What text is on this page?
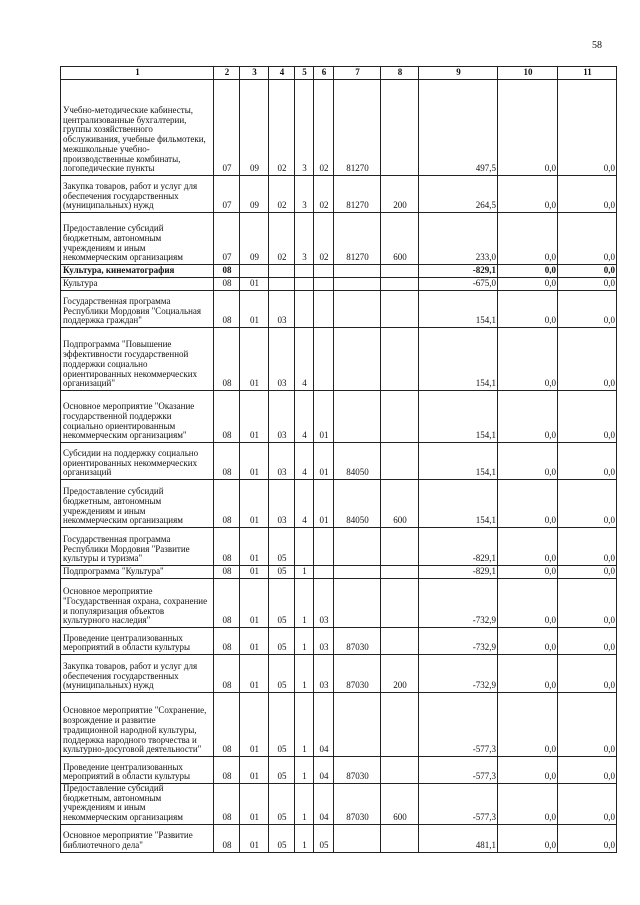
58
1	2	3	4	5	6	7	8	9	10	11
Учебно-методические кабинесты, централизованные бухгалтерии, группы хозяйственного обслуживания, учебные фильмотеки, межшкольные учебно-производственные комбинаты, логопедические пункты	07	09	02	3	02	81270		497,5	0,0	0,0
Закупка товаров, работ и услуг для обеспечения государственных (муниципальных) нужд	07	09	02	3	02	81270	200	264,5	0,0	0,0
Предоставление субсидий бюджетным, автономным учреждениям и иным некоммерческим организациям	07	09	02	3	02	81270	600	233,0	0,0	0,0
Культура, кинематография	08							-829,1	0,0	0,0
Культура	08	01						-675,0	0,0	0,0
Государственная программа Республики Мордовия "Социальная поддержка граждан"	08	01	03					154,1	0,0	0,0
Подпрограмма "Повышение эффективности государственной поддержки социально ориентированных некоммерческих организаций"	08	01	03	4				154,1	0,0	0,0
Основное мероприятие "Оказание государственной поддержки социально ориентированным некоммерческим организациям"	08	01	03	4	01			154,1	0,0	0,0
Субсидии на поддержку социально ориентированных некоммерческих организаций	08	01	03	4	01	84050		154,1	0,0	0,0
Предоставление субсидий бюджетным, автономным учреждениям и иным некоммерческим организациям	08	01	03	4	01	84050	600	154,1	0,0	0,0
Государственная программа Республики Мордовия "Развитие культуры и туризма"	08	01	05					-829,1	0,0	0,0
Подпрограмма "Культура"	08	01	05	1				-829,1	0,0	0,0
Основное мероприятие "Государственная охрана, сохранение и популяризация объектов культурного наследия"	08	01	05	1	03			-732,9	0,0	0,0
Проведение централизованных мероприятий в области культуры	08	01	05	1	03	87030		-732,9	0,0	0,0
Закупка товаров, работ и услуг для обеспечения государственных (муниципальных) нужд	08	01	05	1	03	87030	200	-732,9	0,0	0,0
Основное мероприятие "Сохранение, возрождение и развитие традиционной народной культуры, поддержка народного творчества и культурно-досуговой деятельности"	08	01	05	1	04			-577,3	0,0	0,0
Проведение централизованных мероприятий в области культуры	08	01	05	1	04	87030		-577,3	0,0	0,0
Предоставление субсидий бюджетным, автономным учреждениям и иным некоммерческим организациям	08	01	05	1	04	87030	600	-577,3	0,0	0,0
Основное мероприятие "Развитие библиотечного дела"	08	01	05	1	05			481,1	0,0	0,0
